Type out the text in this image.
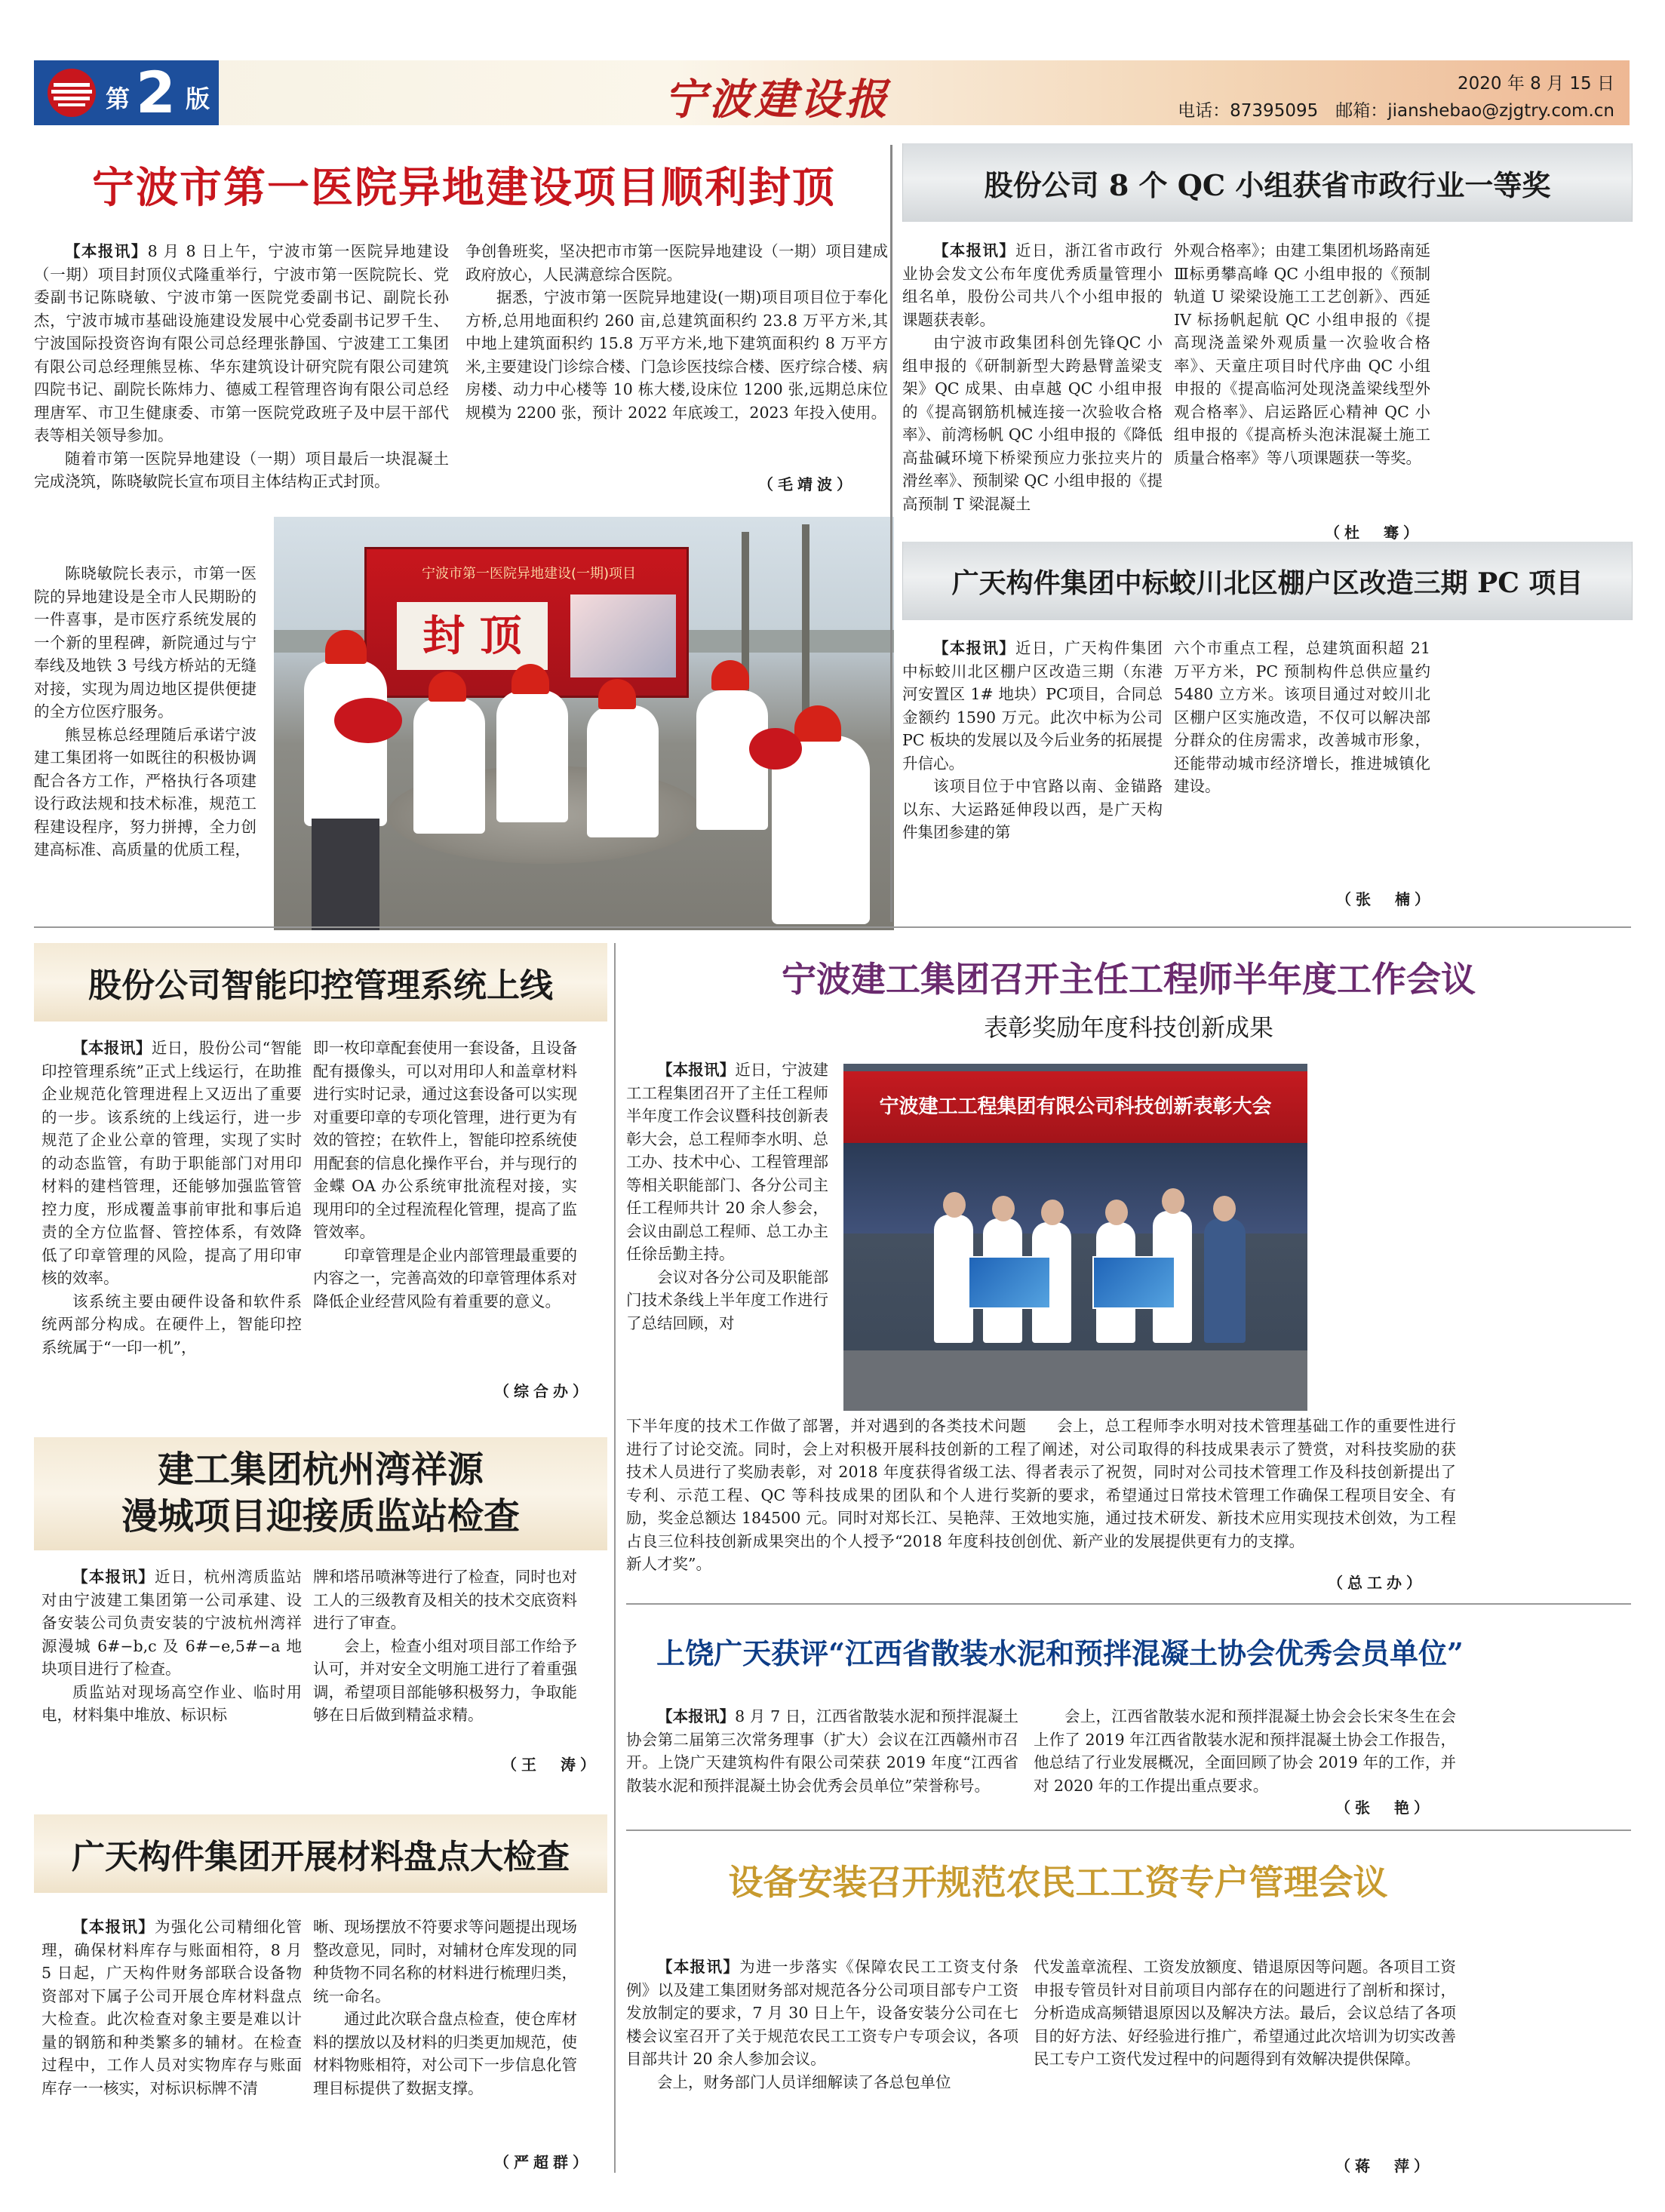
第 2 版	宁波建设报	2020 年 8 月 15 日
电话：87395095　邮箱：jianshebao@zjgtry.com.cn
宁波市第一医院异地建设项目顺利封顶

【本报讯】8 月 8 日上午，宁波市第一医院异地建设（一期）项目封顶仪式隆重举行，宁波市第一医院院长、党委副书记陈晓敏、宁波市第一医院党委副书记、副院长孙杰，宁波市城市基础设施建设发展中心党委副书记罗千生、宁波国际投资咨询有限公司总经理张静国、宁波建工工集团有限公司总经理熊昱栋、华东建筑设计研究院有限公司建筑四院书记、副院长陈炜力、德威工程管理咨询有限公司总经理唐军、市卫生健康委、市第一医院党政班子及中层干部代表等相关领导参加。

随着市第一医院异地建设（一期）项目最后一块混凝土完成浇筑，陈晓敏院长宣布项目主体结构正式封顶。

陈晓敏院长表示，市第一医院的异地建设是全市人民期盼的一件喜事，是市医疗系统发展的一个新的里程碑，新院通过与宁奉线及地铁 3 号线方桥站的无缝对接，实现为周边地区提供便捷的全方位医疗服务。

熊昱栋总经理随后承诺宁波建工集团将一如既往的积极协调配合各方工作，严格执行各项建设行政法规和技术标准，规范工程建设程序，努力拼搏，全力创建高标准、高质量的优质工程，

争创鲁班奖，坚决把市市第一医院异地建设（一期）项目建成政府放心，人民满意综合医院。

据悉，宁波市第一医院异地建设(一期)项目项目位于奉化方桥,总用地面积约 260 亩,总建筑面积约 23.8 万平方米,其中地上建筑面积约 15.8 万平方米,地下建筑面积约 8 万平方米,主要建设门诊综合楼、门急诊医技综合楼、医疗综合楼、病房楼、动力中心楼等 10 栋大楼,设床位 1200 张,远期总床位规模为 2200 张，预计 2022 年底竣工，2023 年投入使用。

（毛靖波）
宁波市第一医院异地建设(一期)项目
封 顶
股份公司 8 个 QC 小组获省市政行业一等奖

【本报讯】近日，浙江省市政行业协会发文公布年度优秀质量管理小组名单，股份公司共八个小组申报的课题获表彰。

由宁波市政集团科创先锋QC 小组申报的《研制新型大跨悬臂盖梁支架》QC 成果、由卓越 QC 小组申报的《提高钢筋机械连接一次验收合格率》、前湾杨帆 QC 小组申报的《降低高盐碱环境下桥梁预应力张拉夹片的滑丝率》、预制梁 QC 小组申报的《提高预制 T 梁混凝土

外观合格率》；由建工集团机场路南延Ⅲ标勇攀高峰 QC 小组申报的《预制轨道 U 梁梁设施工工艺创新》、西延 IV 标扬帆起航 QC 小组申报的《提高现浇盖梁外观质量一次验收合格率》、天童庄项目时代序曲 QC 小组申报的《提高临河处现浇盖梁线型外观合格率》、启运路匠心精神 QC 小组申报的《提高桥头泡沫混凝土施工质量合格率》等八项课题获一等奖。

（杜　骞）
广天构件集团中标蛟川北区棚户区改造三期 PC 项目

【本报讯】近日，广天构件集团中标蛟川北区棚户区改造三期（东港河安置区 1# 地块）PC项目，合同总金额约 1590 万元。此次中标为公司 PC 板块的发展以及今后业务的拓展提升信心。

该项目位于中官路以南、金锚路以东、大运路延伸段以西，是广天构件集团参建的第

六个市重点工程，总建筑面积超 21 万平方米，PC 预制构件总供应量约 5480 立方米。该项目通过对蛟川北区棚户区实施改造，不仅可以解决部分群众的住房需求，改善城市形象，还能带动城市经济增长，推进城镇化建设。

（张　楠）
股份公司智能印控管理系统上线

【本报讯】近日，股份公司“智能印控管理系统”正式上线运行，在助推企业规范化管理进程上又迈出了重要的一步。该系统的上线运行，进一步规范了企业公章的管理，实现了实时的动态监管，有助于职能部门对用印材料的建档管理，还能够加强监管管控力度，形成覆盖事前审批和事后追责的全方位监督、管控体系，有效降低了印章管理的风险，提高了用印审核的效率。

该系统主要由硬件设备和软件系统两部分构成。在硬件上，智能印控系统属于“一印一机”，

即一枚印章配套使用一套设备，且设备配有摄像头，可以对用印人和盖章材料进行实时记录，通过这套设备可以实现对重要印章的专项化管理，进行更为有效的管控；在软件上，智能印控系统使用配套的信息化操作平台，并与现行的金蝶 OA 办公系统审批流程对接，实现用印的全过程流程化管理，提高了监管效率。

印章管理是企业内部管理最重要的内容之一，完善高效的印章管理体系对降低企业经营风险有着重要的意义。

（综合办）
建工集团杭州湾祥源
漫城项目迎接质监站检查

【本报讯】近日，杭州湾质监站对由宁波建工集团第一公司承建、设备安装公司负责安装的宁波杭州湾祥源漫城 6#−b,c 及 6#−e,5#−a 地块项目进行了检查。

质监站对现场高空作业、临时用电，材料集中堆放、标识标

牌和塔吊喷淋等进行了检查，同时也对工人的三级教育及相关的技术交底资料进行了审查。

会上，检查小组对项目部工作给予认可，并对安全文明施工进行了着重强调，希望项目部能够积极努力，争取能够在日后做到精益求精。

（王　涛）
广天构件集团开展材料盘点大检查

【本报讯】为强化公司精细化管理，确保材料库存与账面相符，8 月 5 日起，广天构件财务部联合设备物资部对下属子公司开展仓库材料盘点大检查。此次检查对象主要是难以计量的钢筋和种类繁多的辅材。在检查过程中，工作人员对实物库存与账面库存一一核实，对标识标牌不清

晰、现场摆放不符要求等问题提出现场整改意见，同时，对辅材仓库发现的同种货物不同名称的材料进行梳理归类，统一命名。

通过此次联合盘点检查，使仓库材料的摆放以及材料的归类更加规范，使材料物账相符，对公司下一步信息化管理目标提供了数据支撑。

（严超群）
宁波建工集团召开主任工程师半年度工作会议
表彰奖励年度科技创新成果

【本报讯】近日，宁波建工工程集团召开了主任工程师半年度工作会议暨科技创新表彰大会，总工程师李水明、总工办、技术中心、工程管理部等相关职能部门、各分公司主任工程师共计 20 余人参会，会议由副总工程师、总工办主任徐岳勤主持。

会议对各分公司及职能部门技术条线上半年度工作进行了总结回顾，对

下半年度的技术工作做了部署，并对遇到的各类技术问题进行了讨论交流。同时，会上对积极开展科技创新的工程技术人员进行了奖励表彰，对 2018 年度获得省级工法、专利、示范工程、QC 等科技成果的团队和个人进行奖励，奖金总额达 184500 元。同时对郑长江、吴艳萍、王占良三位科技创新成果突出的个人授予“2018 年度科技创新人才奖”。

会上，总工程师李水明对技术管理基础工作的重要性进行了阐述，对公司取得的科技成果表示了赞赏，对科技奖励的获得者表示了祝贺，同时对公司技术管理工作及科技创新提出了新的要求，希望通过日常技术管理工作确保工程项目安全、有效地实施，通过技术研发、新技术应用实现技术创效，为工程创优、新产业的发展提供更有力的支撑。

（总工办）
宁波建工工程集团有限公司科技创新表彰大会
上饶广天获评“江西省散装水泥和预拌混凝土协会优秀会员单位”

【本报讯】8 月 7 日，江西省散装水泥和预拌混凝土协会第二届第三次常务理事（扩大）会议在江西赣州市召开。上饶广天建筑构件有限公司荣获 2019 年度“江西省散装水泥和预拌混凝土协会优秀会员单位”荣誉称号。

会上，江西省散装水泥和预拌混凝土协会会长宋冬生在会上作了 2019 年江西省散装水泥和预拌混凝土协会工作报告，他总结了行业发展概况，全面回顾了协会 2019 年的工作，并对 2020 年的工作提出重点要求。

（张　艳）
设备安装召开规范农民工工资专户管理会议

【本报讯】为进一步落实《保障农民工工资支付条例》以及建工集团财务部对规范各分公司项目部专户工资发放制定的要求，7 月 30 日上午，设备安装分公司在七楼会议室召开了关于规范农民工工资专户专项会议，各项目部共计 20 余人参加会议。

会上，财务部门人员详细解读了各总包单位

代发盖章流程、工资发放额度、错退原因等问题。各项目工资申报专管员针对目前项目内部存在的问题进行了剖析和探讨，分析造成高频错退原因以及解决方法。最后，会议总结了各项目的好方法、好经验进行推广，希望通过此次培训为切实改善民工专户工资代发过程中的问题得到有效解决提供保障。

（蒋　萍）
